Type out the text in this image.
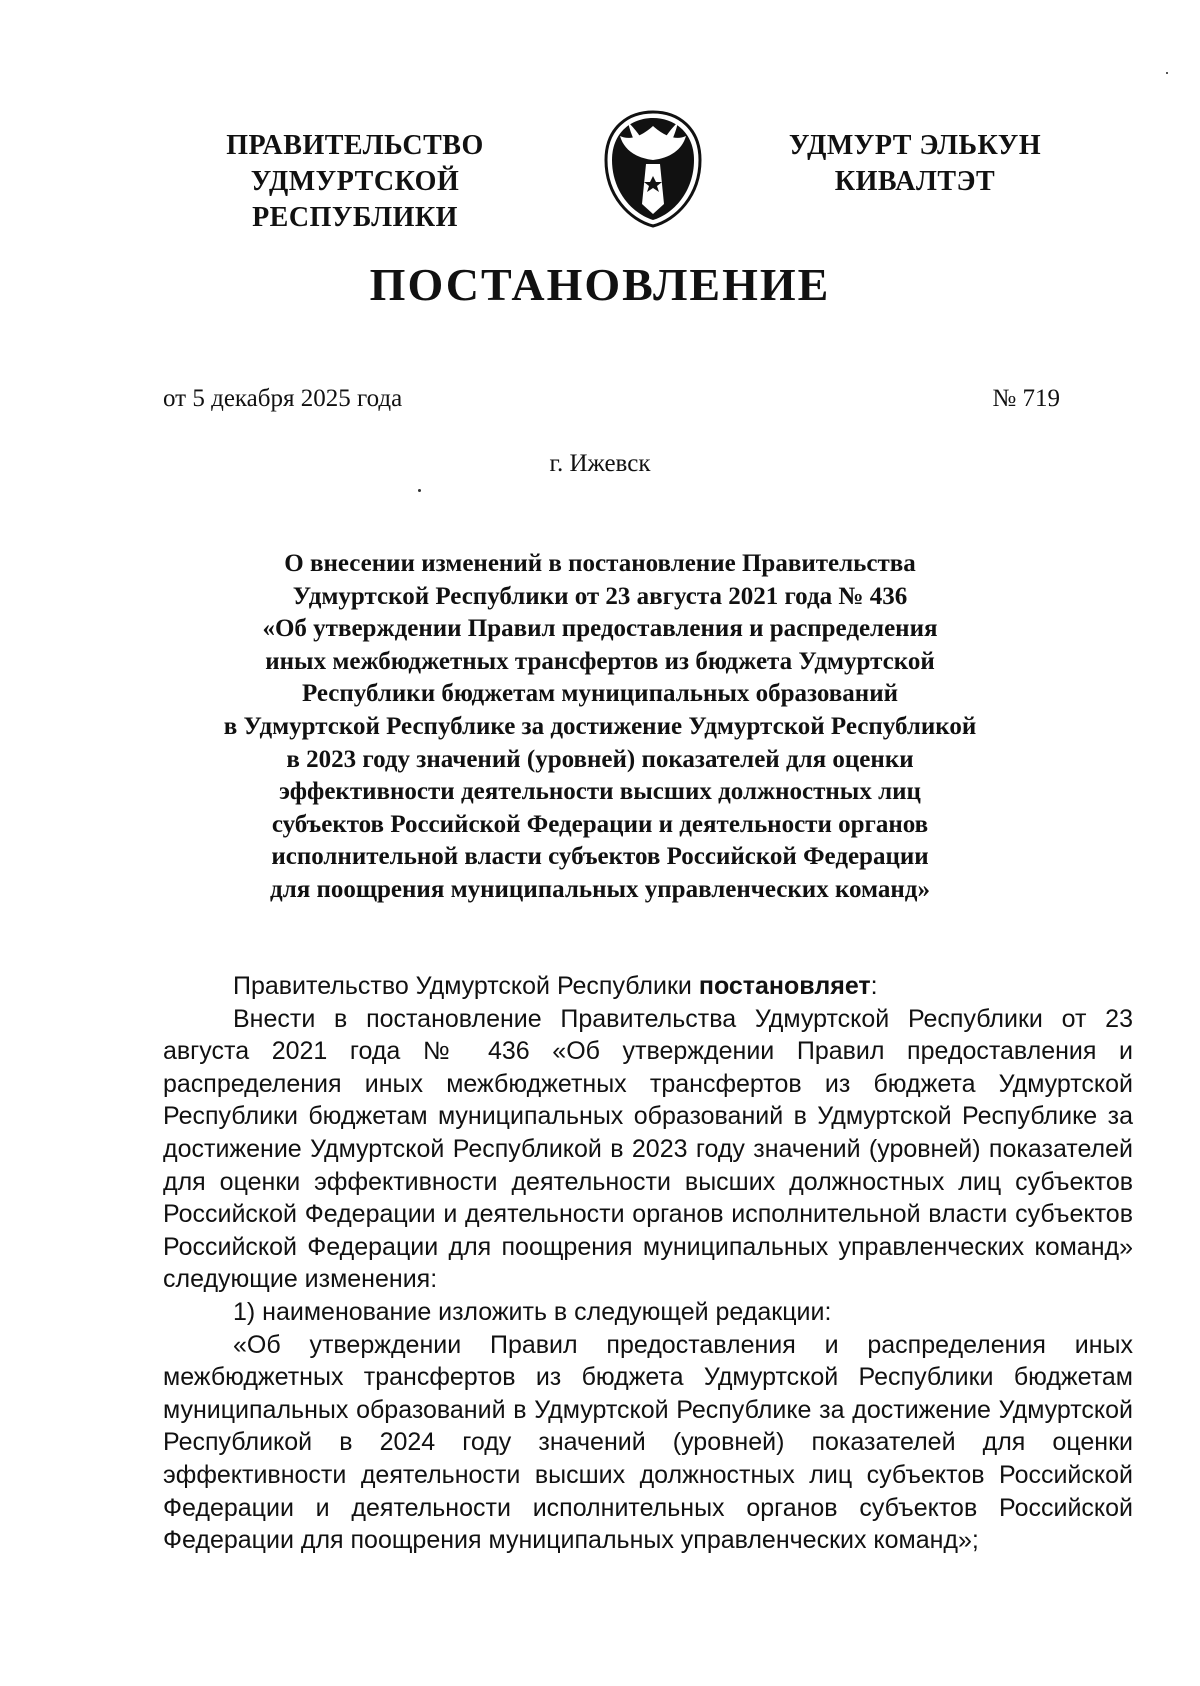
ПРАВИТЕЛЬСТВО
УДМУРТСКОЙ РЕСПУБЛИКИ
УДМУРТ ЭЛЬКУН
КИВАЛТЭТ
ПОСТАНОВЛЕНИЕ
от 5 декабря 2025 года	№ 719
г. Ижевск
О внесении изменений в постановление Правительства
Удмуртской Республики от 23 августа 2021 года № 436
«Об утверждении Правил предоставления и распределения
иных межбюджетных трансфертов из бюджета Удмуртской
Республики бюджетам муниципальных образований
в Удмуртской Республике за достижение Удмуртской Республикой
в 2023 году значений (уровней) показателей для оценки
эффективности деятельности высших должностных лиц
субъектов Российской Федерации и деятельности органов
исполнительной власти субъектов Российской Федерации
для поощрения муниципальных управленческих команд»

Правительство Удмуртской Республики постановляет:

Внести в постановление Правительства Удмуртской Республики от 23 августа 2021 года № 436 «Об утверждении Правил предоставления и распределения иных межбюджетных трансфертов из бюджета Удмуртской Республики бюджетам муниципальных образований в Удмуртской Республике за достижение Удмуртской Республикой в 2023 году значений (уровней) показателей для оценки эффективности деятельности высших должностных лиц субъектов Российской Федерации и деятельности органов исполнительной власти субъектов Российской Федерации для поощрения муниципальных управленческих команд» следующие изменения:

1) наименование изложить в следующей редакции:

«Об утверждении Правил предоставления и распределения иных межбюджетных трансфертов из бюджета Удмуртской Республики бюджетам муниципальных образований в Удмуртской Республике за достижение Удмуртской Республикой в 2024 году значений (уровней) показателей для оценки эффективности деятельности высших должностных лиц субъектов Российской Федерации и деятельности исполнительных органов субъектов Российской Федерации для поощрения муниципальных управленческих команд»;
